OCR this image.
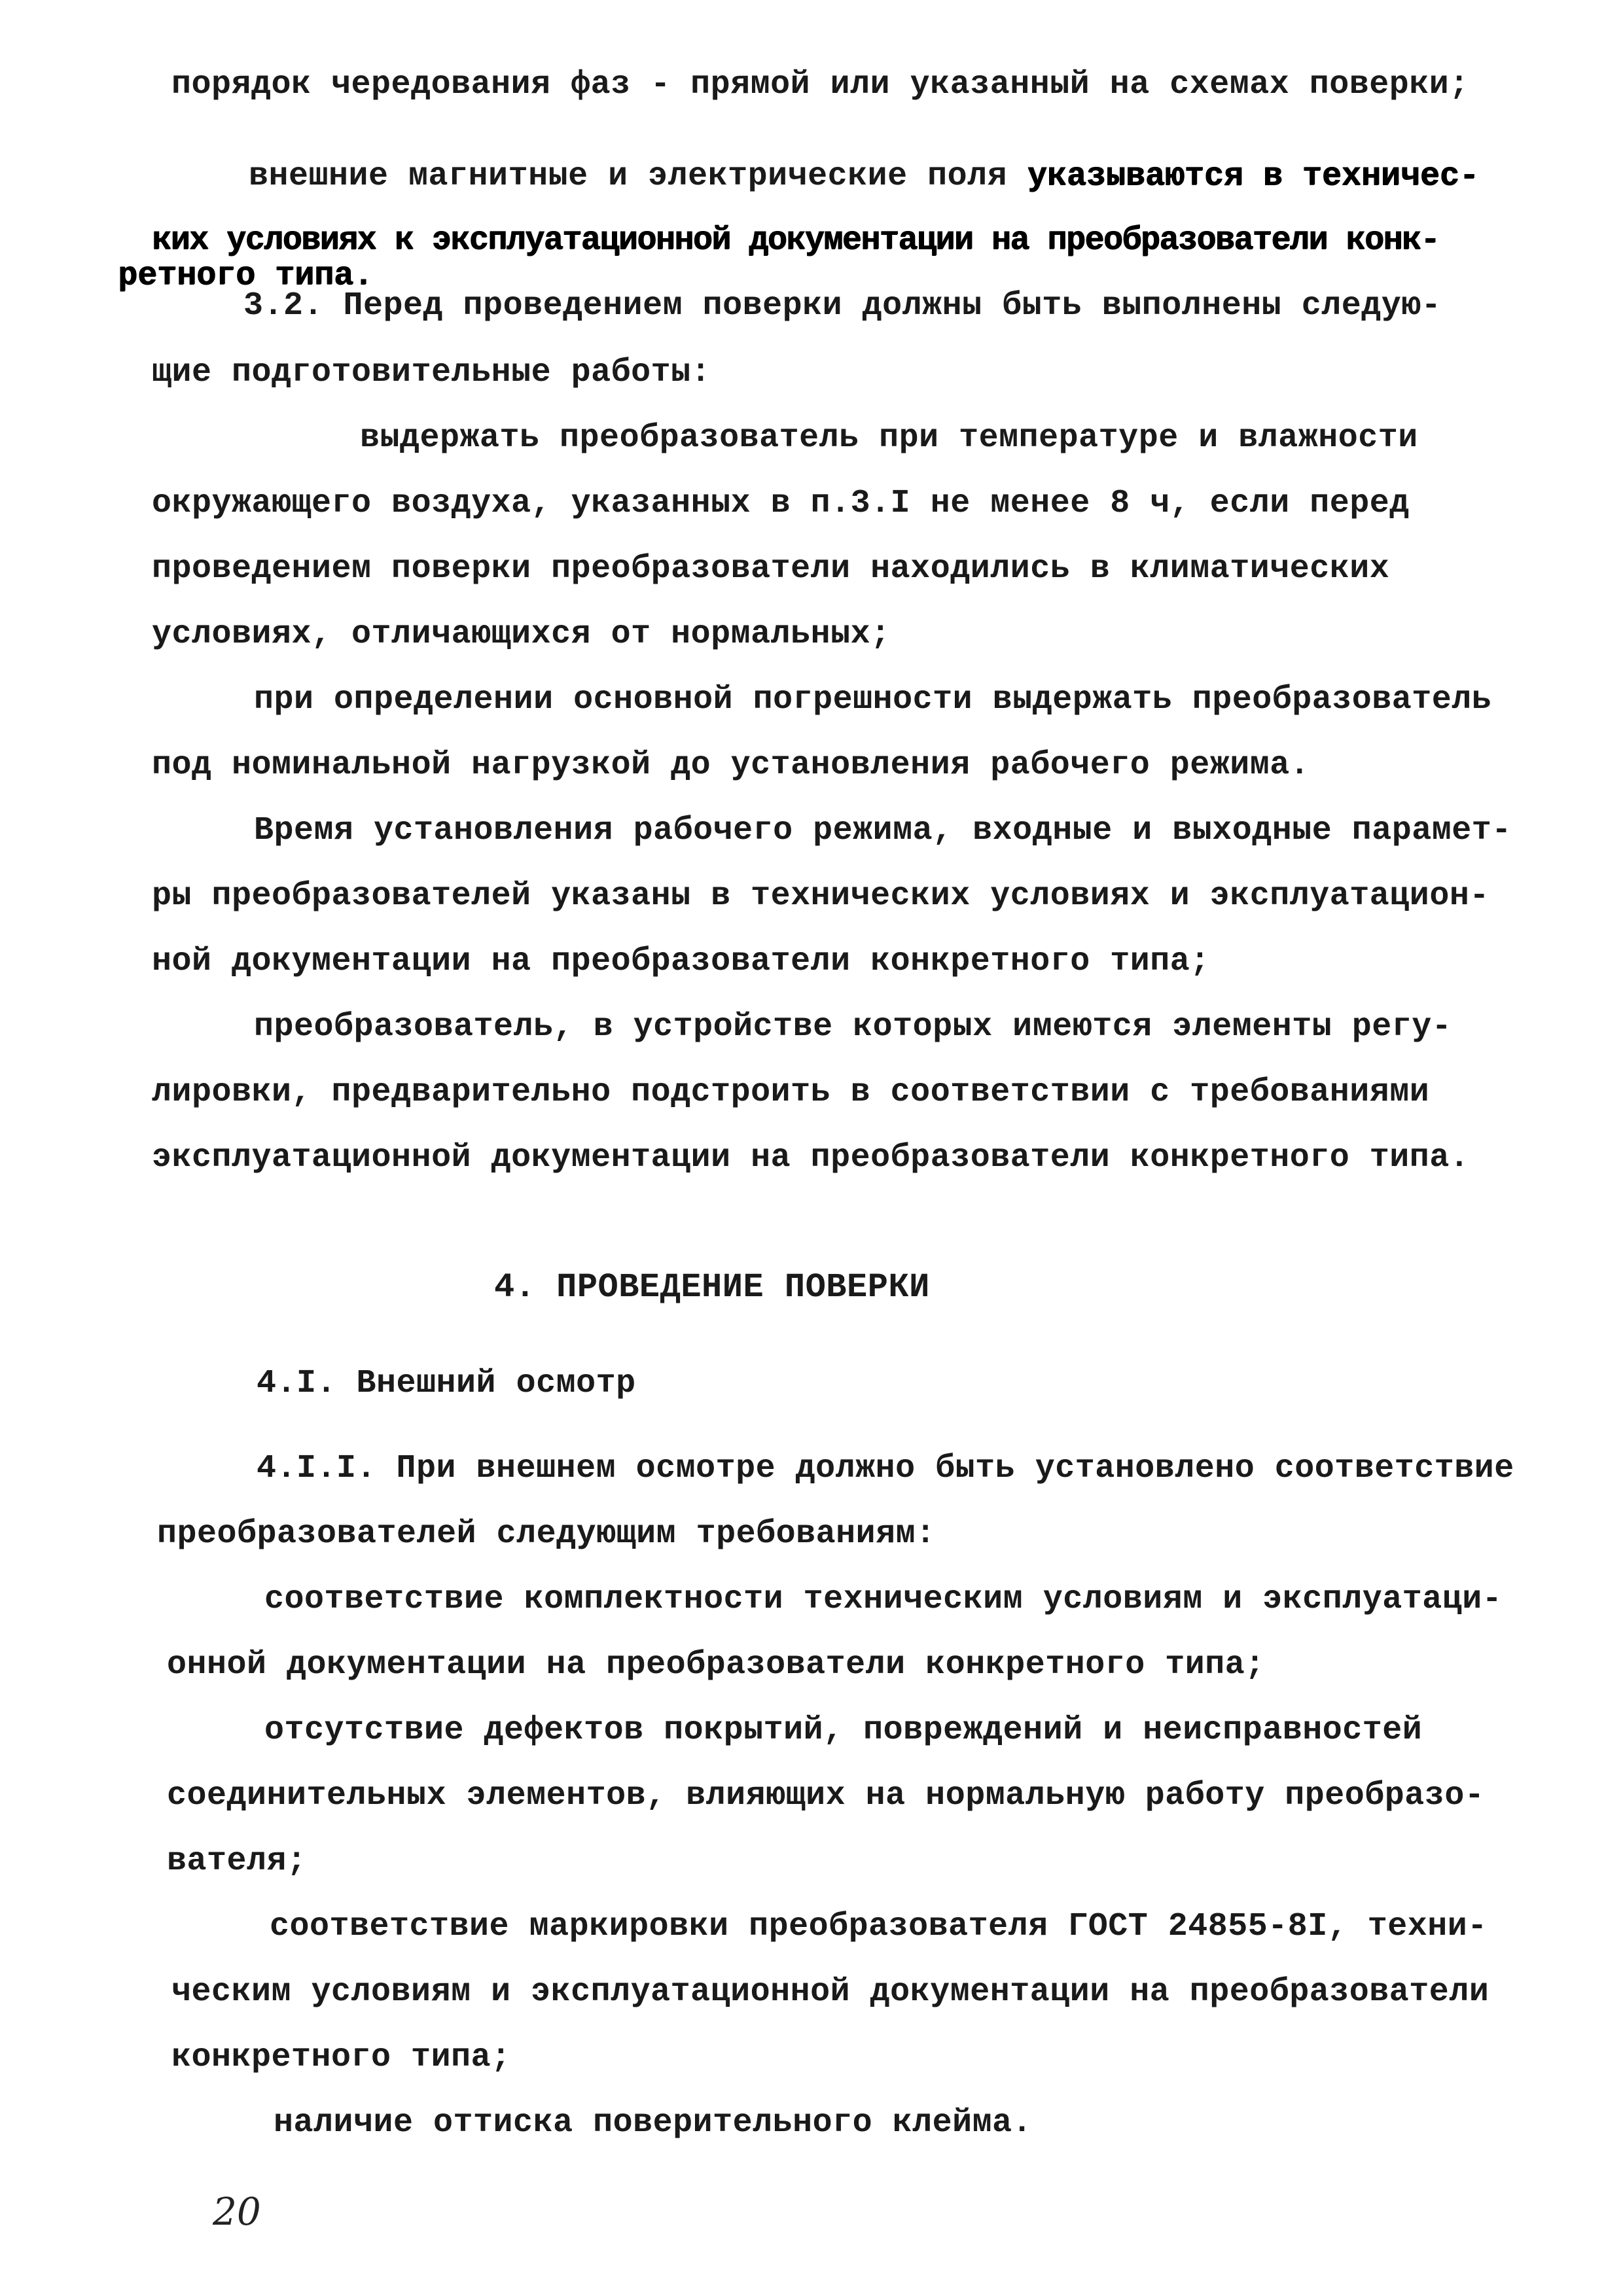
порядок чередования фаз - прямой или указанный на схемах поверки;
внешние магнитные и электрические поля указываются в техничес-
ких условиях к эксплуатационной документации на преобразователи конк-
ретного типа.
3.2. Перед проведением поверки должны быть выполнены следую-
щие подготовительные работы:
выдержать преобразователь при температуре и влажности
окружающего воздуха, указанных в п.3.I не менее 8 ч, если перед
проведением поверки преобразователи находились в климатических
условиях, отличающихся от нормальных;
при определении основной погрешности выдержать преобразователь
под номинальной нагрузкой до установления рабочего режима.
Время установления рабочего режима, входные и выходные парамет-
ры преобразователей указаны в технических условиях и эксплуатацион-
ной документации на преобразователи конкретного типа;
преобразователь, в устройстве которых имеются элементы регу-
лировки, предварительно подстроить в соответствии с требованиями
эксплуатационной документации на преобразователи конкретного типа.
4. ПРОВЕДЕНИЕ ПОВЕРКИ
4.I. Внешний осмотр
4.I.I. При внешнем осмотре должно быть установлено соответствие
преобразователей следующим требованиям:
соответствие комплектности техническим условиям и эксплуатаци-
онной документации на преобразователи конкретного типа;
отсутствие дефектов покрытий, повреждений и неисправностей
соединительных элементов, влияющих на нормальную работу преобразо-
вателя;
соответствие маркировки преобразователя ГОСТ 24855-8I, техни-
ческим условиям и эксплуатационной документации на преобразователи
конкретного типа;
наличие оттиска поверительного клейма.
20
